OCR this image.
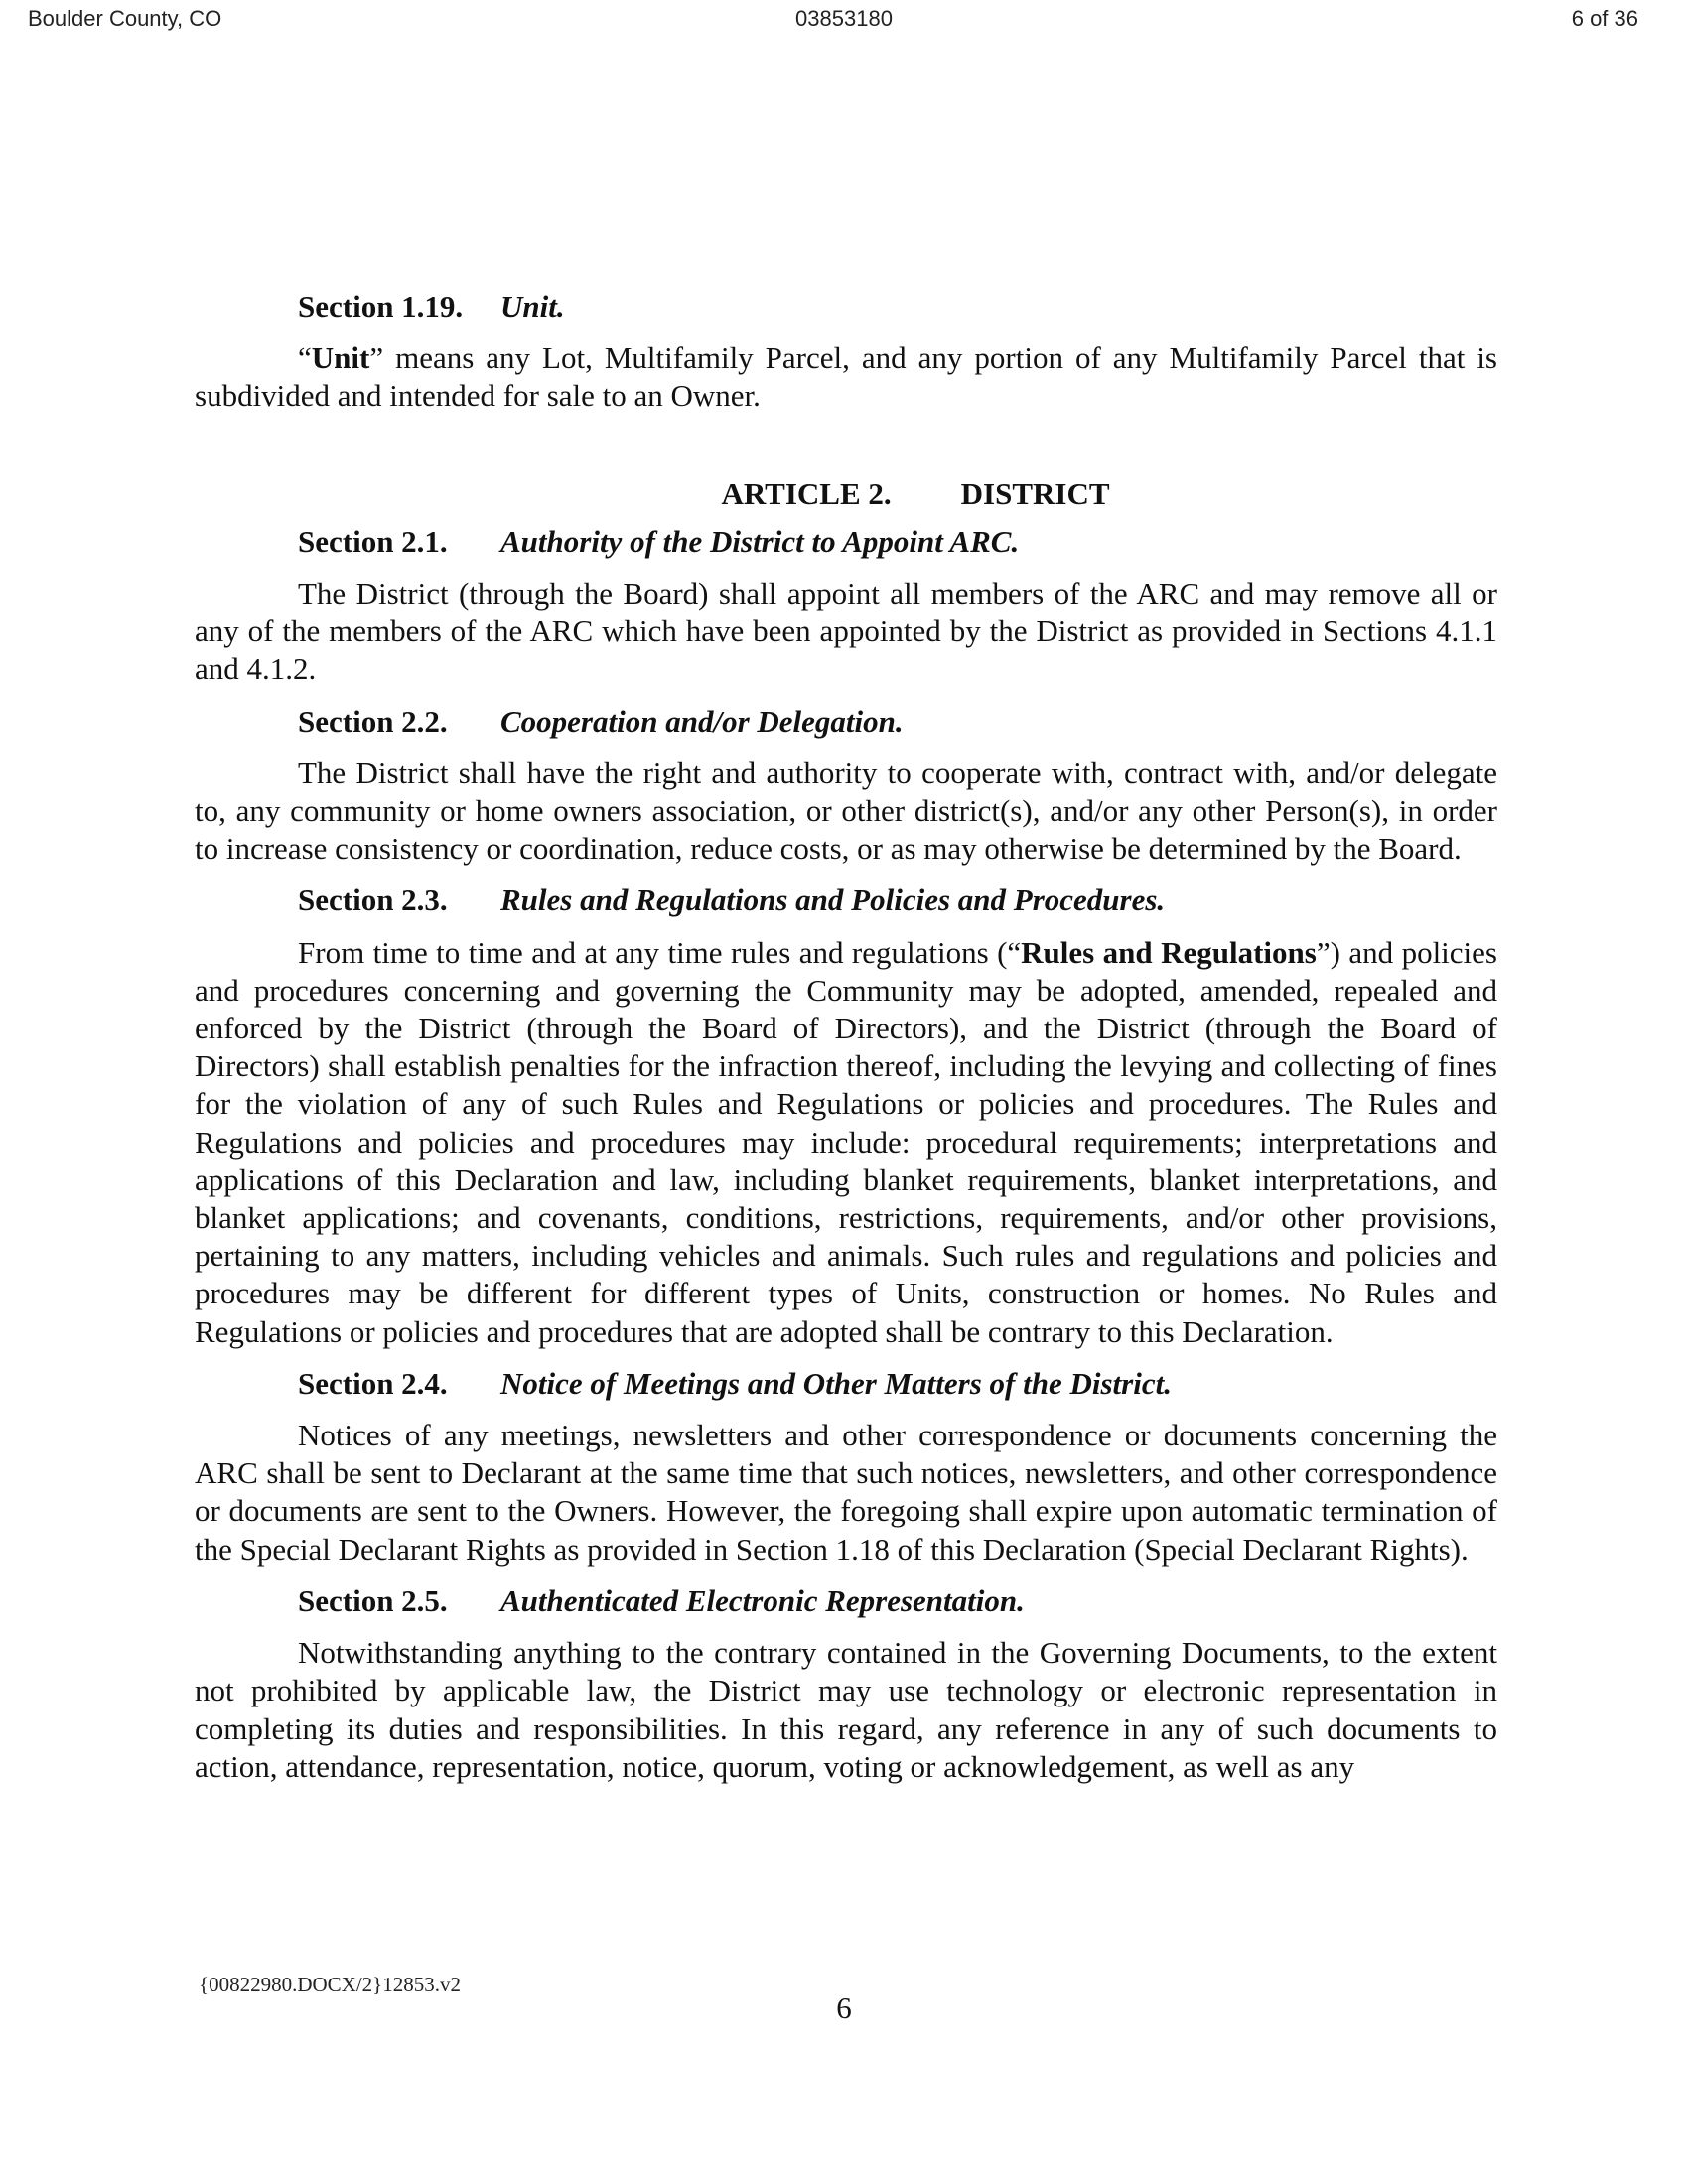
Boulder County, CO	03853180	6 of 36
Section 1.19. Unit.

“Unit” means any Lot, Multifamily Parcel, and any portion of any Multifamily Parcel that is subdivided and intended for sale to an Owner.

ARTICLE 2. DISTRICT
Section 2.1. Authority of the District to Appoint ARC.

The District (through the Board) shall appoint all members of the ARC and may remove all or any of the members of the ARC which have been appointed by the District as provided in Sections 4.1.1 and 4.1.2.

Section 2.2. Cooperation and/or Delegation.

The District shall have the right and authority to cooperate with, contract with, and/or delegate to, any community or home owners association, or other district(s), and/or any other Person(s), in order to increase consistency or coordination, reduce costs, or as may otherwise be determined by the Board.

Section 2.3. Rules and Regulations and Policies and Procedures.

From time to time and at any time rules and regulations (“Rules and Regulations”) and policies and procedures concerning and governing the Community may be adopted, amended, repealed and enforced by the District (through the Board of Directors), and the District (through the Board of Directors) shall establish penalties for the infraction thereof, including the levying and collecting of fines for the violation of any of such Rules and Regulations or policies and procedures. The Rules and Regulations and policies and procedures may include: procedural requirements; interpretations and applications of this Declaration and law, including blanket requirements, blanket interpretations, and blanket applications; and covenants, conditions, restrictions, requirements, and/or other provisions, pertaining to any matters, including vehicles and animals. Such rules and regulations and policies and procedures may be different for different types of Units, construction or homes. No Rules and Regulations or policies and procedures that are adopted shall be contrary to this Declaration.

Section 2.4. Notice of Meetings and Other Matters of the District.

Notices of any meetings, newsletters and other correspondence or documents concerning the ARC shall be sent to Declarant at the same time that such notices, newsletters, and other correspondence or documents are sent to the Owners. However, the foregoing shall expire upon automatic termination of the Special Declarant Rights as provided in Section 1.18 of this Declaration (Special Declarant Rights).

Section 2.5. Authenticated Electronic Representation.

Notwithstanding anything to the contrary contained in the Governing Documents, to the extent not prohibited by applicable law, the District may use technology or electronic representation in completing its duties and responsibilities. In this regard, any reference in any of such documents to action, attendance, representation, notice, quorum, voting or acknowledgement, as well as any

{00822980.DOCX/2}12853.v2
6
